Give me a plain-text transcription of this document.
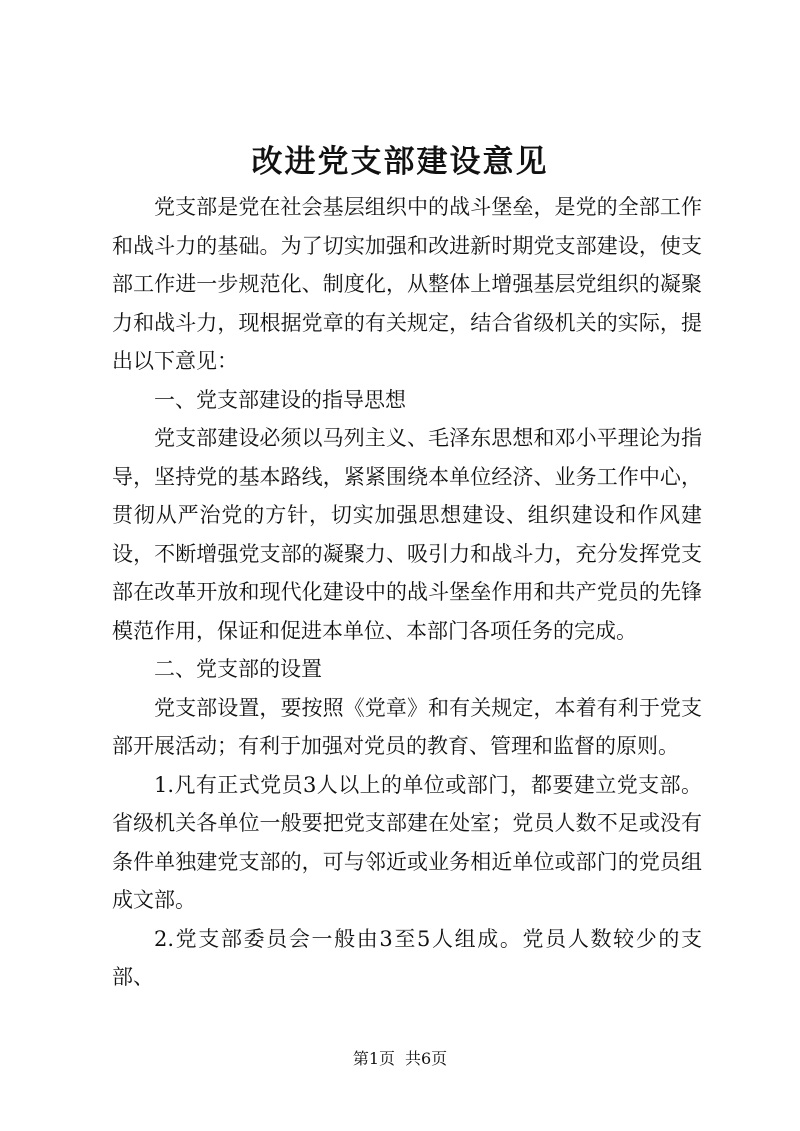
改进党支部建设意见

党支部是党在社会基层组织中的战斗堡垒，是党的全部工作和战斗力的基础。为了切实加强和改进新时期党支部建设，使支部工作进一步规范化、制度化，从整体上增强基层党组织的凝聚力和战斗力，现根据党章的有关规定，结合省级机关的实际，提出以下意见：

一、党支部建设的指导思想

党支部建设必须以马列主义、毛泽东思想和邓小平理论为指导，坚持党的基本路线，紧紧围绕本单位经济、业务工作中心，贯彻从严治党的方针，切实加强思想建设、组织建设和作风建设，不断增强党支部的凝聚力、吸引力和战斗力，充分发挥党支部在改革开放和现代化建设中的战斗堡垒作用和共产党员的先锋模范作用，保证和促进本单位、本部门各项任务的完成。

二、党支部的设置

党支部设置，要按照《党章》和有关规定，本着有利于党支部开展活动；有利于加强对党员的教育、管理和监督的原则。

1.凡有正式党员3人以上的单位或部门，都要建立党支部。省级机关各单位一般要把党支部建在处室；党员人数不足或没有条件单独建党支部的，可与邻近或业务相近单位或部门的党员组成文部。

2.党支部委员会一般由3至5人组成。党员人数较少的支部、

第1页 共6页
